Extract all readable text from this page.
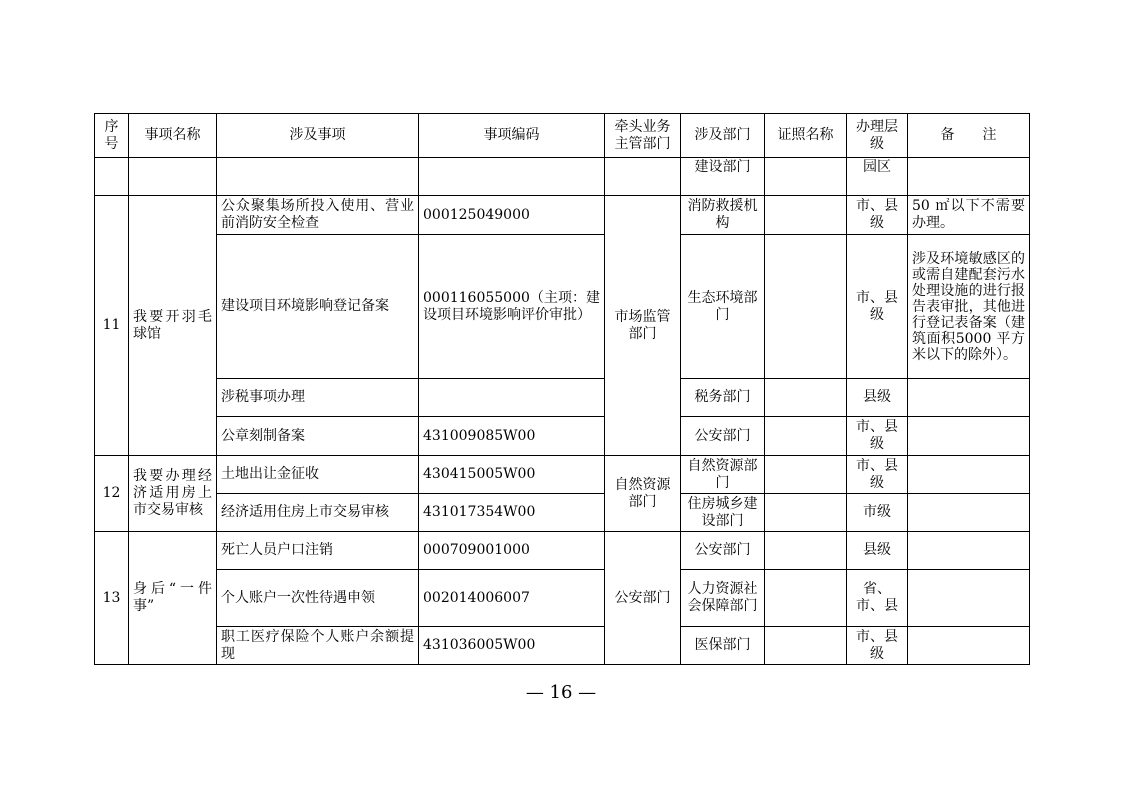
序号	事项名称	涉及事项	事项编码	牵头业务主管部门	涉及部门	证照名称	办理层级	备　　注
					建设部门		园区	
11	我要开羽毛球馆	公众聚集场所投入使用、营业前消防安全检查	000125049000	市场监管部门	消防救援机构		市、县级	50 ㎡以下不需要办理。
		建设项目环境影响登记备案	000116055000（主项：建设项目环境影响评价审批）		生态环境部门		市、县级	涉及环境敏感区的或需自建配套污水处理设施的进行报告表审批，其他进行登记表备案（建筑面积5000 平方米以下的除外）。
		涉税事项办理			税务部门		县级	
		公章刻制备案	431009085W00		公安部门		市、县级	
12	我要办理经济适用房上市交易审核	土地出让金征收	430415005W00	自然资源部门	自然资源部门		市、县级	
		经济适用住房上市交易审核	431017354W00		住房城乡建设部门		市级	
13	身后“一件事”	死亡人员户口注销	000709001000	公安部门	公安部门		县级	
		个人账户一次性待遇申领	002014006007		人力资源社会保障部门		省、市、县	
		职工医疗保险个人账户余额提现	431036005W00		医保部门		市、县级	
— 16 —
